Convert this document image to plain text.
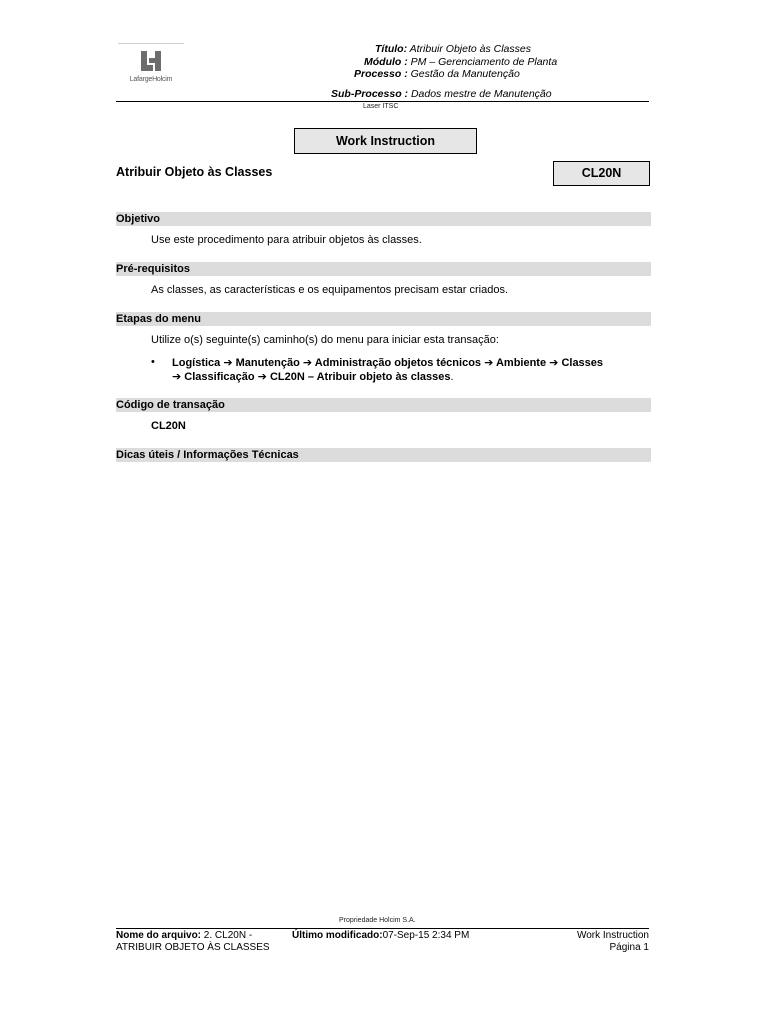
LafargeHolcim
Título: Atribuir Objeto às Classes
Módulo : PM – Gerenciamento de Planta
Processo : Gestão da Manutenção
Sub-Processo : Dados mestre de Manutenção
Laser ITSC
Work Instruction
Atribuir Objeto às Classes	CL20N
Objetivo
Use este procedimento para atribuir objetos às classes.
Pré-requisitos
As classes, as características e os equipamentos precisam estar criados.
Etapas do menu
Utilize o(s) seguinte(s) caminho(s) do menu para iniciar esta transação:
• Logística ➔ Manutenção ➔ Administração objetos técnicos ➔ Ambiente ➔ Classes
➔ Classificação ➔ CL20N – Atribuir objeto às classes.
Código de transação
CL20N
Dicas úteis / Informações Técnicas
Propriedade Holcim S.A.
Nome do arquivo: 2. CL20N -
ATRIBUIR OBJETO ÀS CLASSES
Último modificado:07-Sep-15 2:34 PM	Work Instruction
Página 1
